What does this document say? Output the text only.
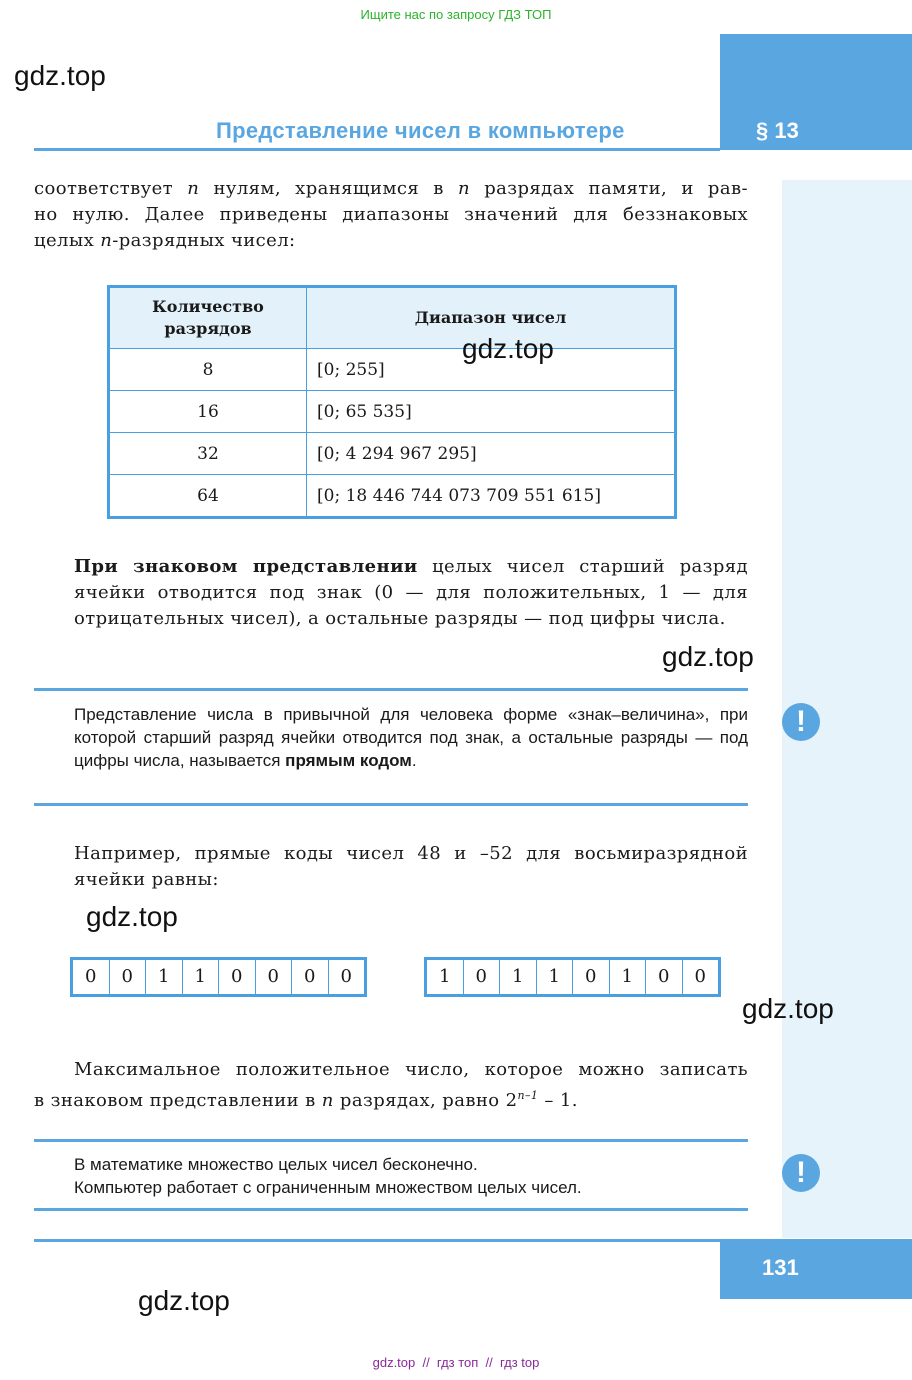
Ищите нас по запросу ГДЗ ТОП
gdz.top
§ 13
Представление чисел в компьютере
соответствует n нулям, хранящимся в n разрядах памяти, и рав-
но нулю. Далее приведены диапазоны значений для беззнаковых
целых n-разрядных чисел:
Количество разрядов	Диапазон чисел
8	[0; 255]
16	[0; 65 535]
32	[0; 4 294 967 295]
64	[0; 18 446 744 073 709 551 615]
gdz.top
При знаковом представлении целых чисел старший разряд ячейки отводится под знак (0 — для положительных, 1 — для отрицательных чисел), а остальные разряды — под цифры числа.
gdz.top
Представление числа в привычной для человека форме «знак–величина», при которой старший разряд ячейки отводится под знак, а остальные разряды — под цифры числа, называется прямым кодом.
!
Например, прямые коды чисел 48 и –52 для восьмиразрядной ячейки равны:
gdz.top
0	0	1	1	0	0	0	0	1	0	1	1	0	1	0	0
gdz.top
Максимальное положительное число, которое можно записать
в знаковом представлении в n разрядах, равно 2$^{n-1}$ – 1.
В математике множество целых чисел бесконечно.
Компьютер работает с ограниченным множеством целых чисел.	!
131
gdz.top
gdz.top  //  гдз топ  //  гдз top
